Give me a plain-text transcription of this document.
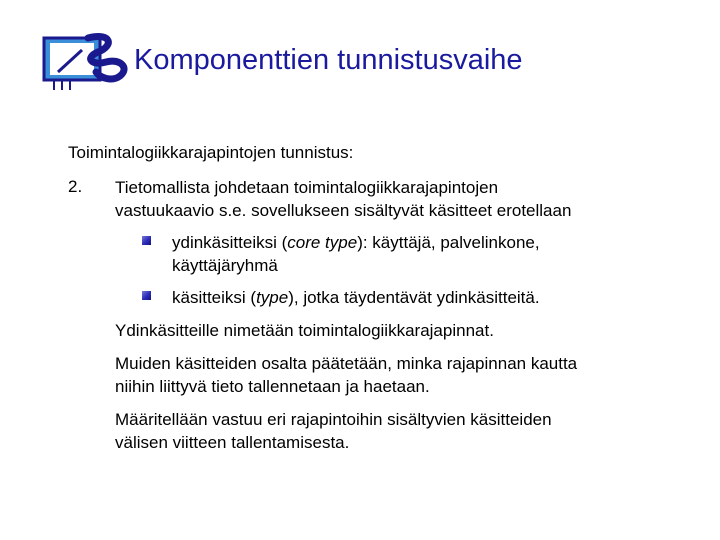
Komponenttien tunnistusvaihe
Toimintalogiikkarajapintojen tunnistus:
2. Tietomallista johdetaan toimintalogiikkarajapintojen
vastuukaavio s.e. sovellukseen sisältyvät käsitteet erotellaan
ydinkäsitteiksi (core type): käyttäjä, palvelinkone,
käyttäjäryhmä
käsitteiksi (type), jotka täydentävät ydinkäsitteitä.
Ydinkäsitteille nimetään toimintalogiikkarajapinnat.
Muiden käsitteiden osalta päätetään, minka rajapinnan kautta
niihin liittyvä tieto tallennetaan ja haetaan.
Määritellään vastuu eri rajapintoihin sisältyvien käsitteiden
välisen viitteen tallentamisesta.
